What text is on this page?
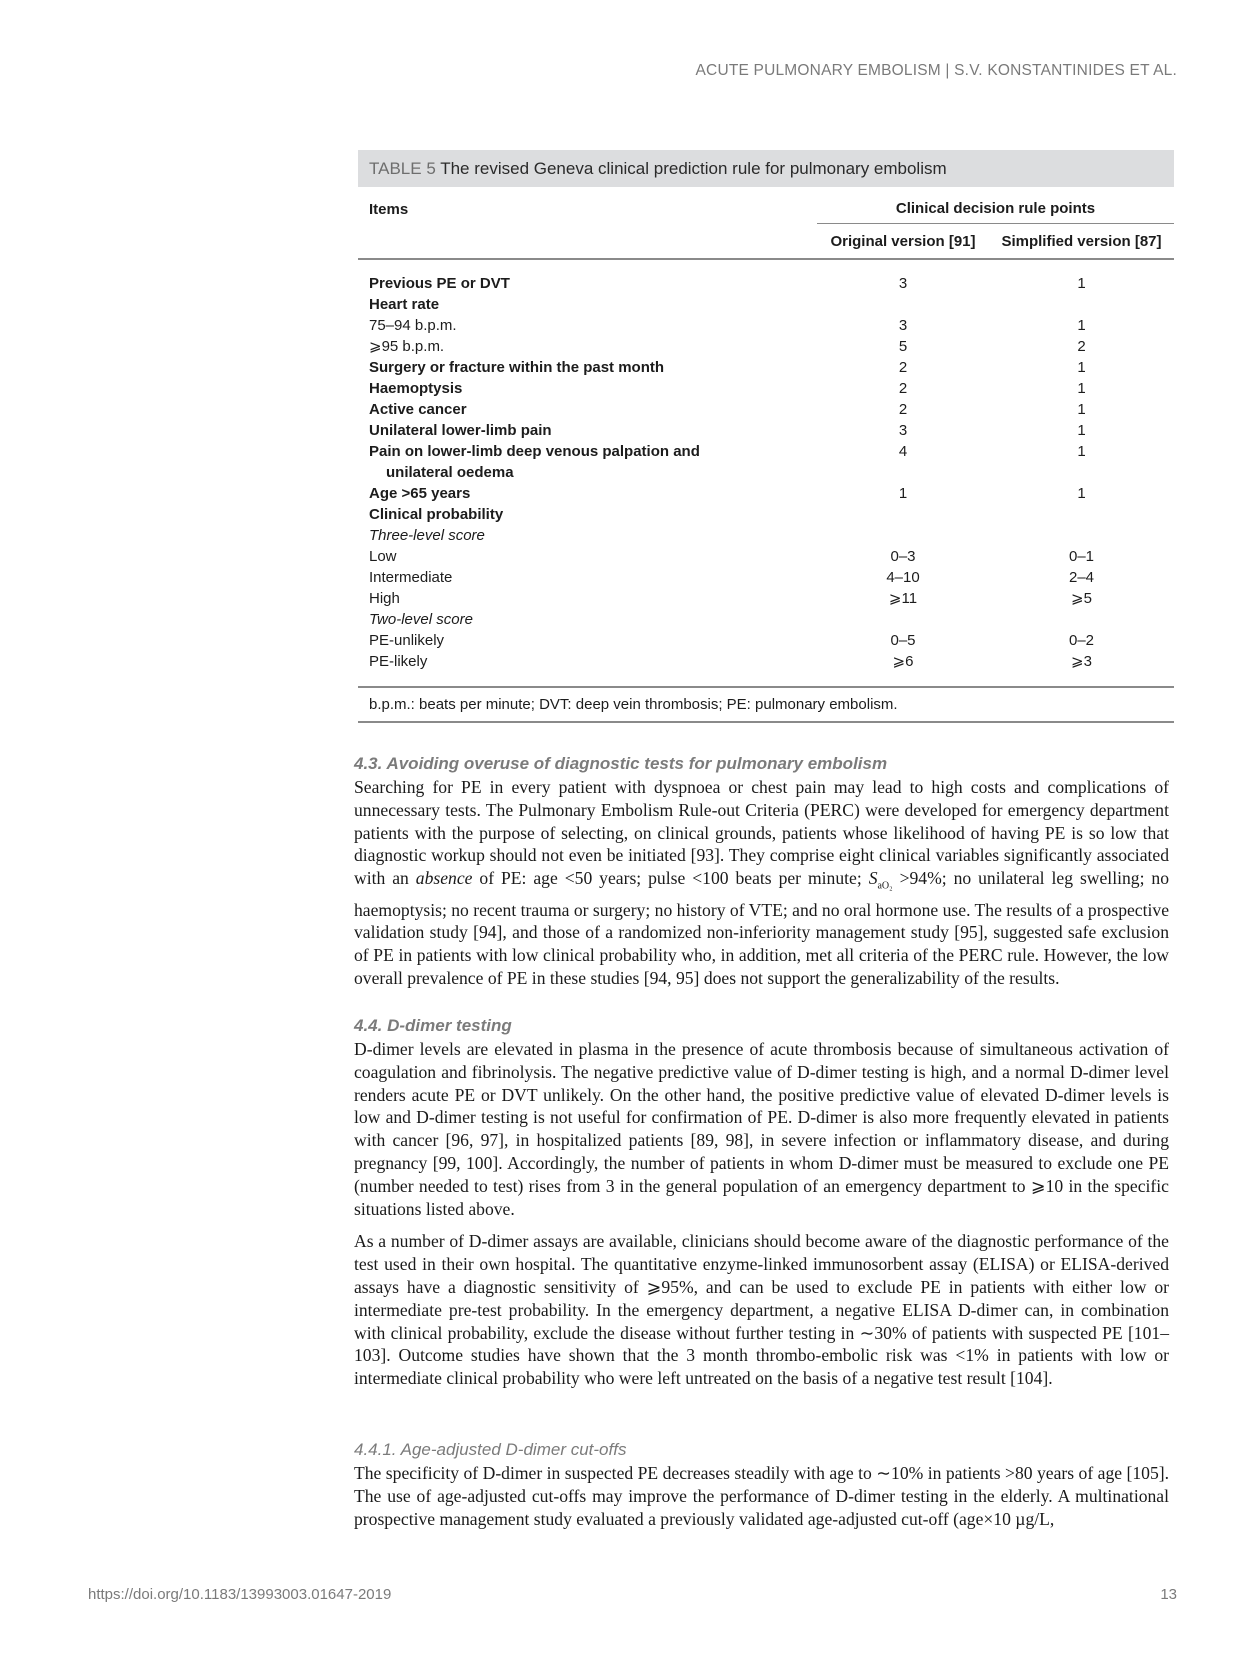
ACUTE PULMONARY EMBOLISM | S.V. KONSTANTINIDES ET AL.
TABLE 5 The revised Geneva clinical prediction rule for pulmonary embolism
Items	Clinical decision rule points	
	Original version [91]	Simplified version [87]
Previous PE or DVT	3	1
Heart rate		
75–94 b.p.m.	3	1
⩾95 b.p.m.	5	2
Surgery or fracture within the past month	2	1
Haemoptysis	2	1
Active cancer	2	1
Unilateral lower-limb pain	3	1
Pain on lower-limb deep venous palpation and

unilateral oedema	4	1
Age >65 years	1	1
Clinical probability		
Three-level score		
Low	0–3	0–1
Intermediate	4–10	2–4
High	⩾11	⩾5
Two-level score		
PE-unlikely	0–5	0–2
PE-likely	⩾6	⩾3
b.p.m.: beats per minute; DVT: deep vein thrombosis; PE: pulmonary embolism.
4.3. Avoiding overuse of diagnostic tests for pulmonary embolism

Searching for PE in every patient with dyspnoea or chest pain may lead to high costs and complications of unnecessary tests. The Pulmonary Embolism Rule-out Criteria (PERC) were developed for emergency department patients with the purpose of selecting, on clinical grounds, patients whose likelihood of having PE is so low that diagnostic workup should not even be initiated [93]. They comprise eight clinical variables significantly associated with an absence of PE: age <50 years; pulse <100 beats per minute; $S_{aO_2} >94\%$; no unilateral leg swelling; no haemoptysis; no recent trauma or surgery; no history of VTE; and no oral hormone use. The results of a prospective validation study [94], and those of a randomized non-inferiority management study [95], suggested safe exclusion of PE in patients with low clinical probability who, in addition, met all criteria of the PERC rule. However, the low overall prevalence of PE in these studies [94, 95] does not support the generalizability of the results.

4.4. D-dimer testing

D-dimer levels are elevated in plasma in the presence of acute thrombosis because of simultaneous activation of coagulation and fibrinolysis. The negative predictive value of D-dimer testing is high, and a normal D-dimer level renders acute PE or DVT unlikely. On the other hand, the positive predictive value of elevated D-dimer levels is low and D-dimer testing is not useful for confirmation of PE. D-dimer is also more frequently elevated in patients with cancer [96, 97], in hospitalized patients [89, 98], in severe infection or inflammatory disease, and during pregnancy [99, 100]. Accordingly, the number of patients in whom D-dimer must be measured to exclude one PE (number needed to test) rises from 3 in the general population of an emergency department to ⩾10 in the specific situations listed above.

As a number of D-dimer assays are available, clinicians should become aware of the diagnostic performance of the test used in their own hospital. The quantitative enzyme-linked immunosorbent assay (ELISA) or ELISA-derived assays have a diagnostic sensitivity of ⩾95%, and can be used to exclude PE in patients with either low or intermediate pre-test probability. In the emergency department, a negative ELISA D-dimer can, in combination with clinical probability, exclude the disease without further testing in ∼30% of patients with suspected PE [101–103]. Outcome studies have shown that the 3 month thrombo-embolic risk was <1% in patients with low or intermediate clinical probability who were left untreated on the basis of a negative test result [104].

4.4.1. Age-adjusted D-dimer cut-offs

The specificity of D-dimer in suspected PE decreases steadily with age to ∼10% in patients >80 years of age [105]. The use of age-adjusted cut-offs may improve the performance of D-dimer testing in the elderly. A multinational prospective management study evaluated a previously validated age-adjusted cut-off (age×10 µg/L,

https://doi.org/10.1183/13993003.01647-2019	13
